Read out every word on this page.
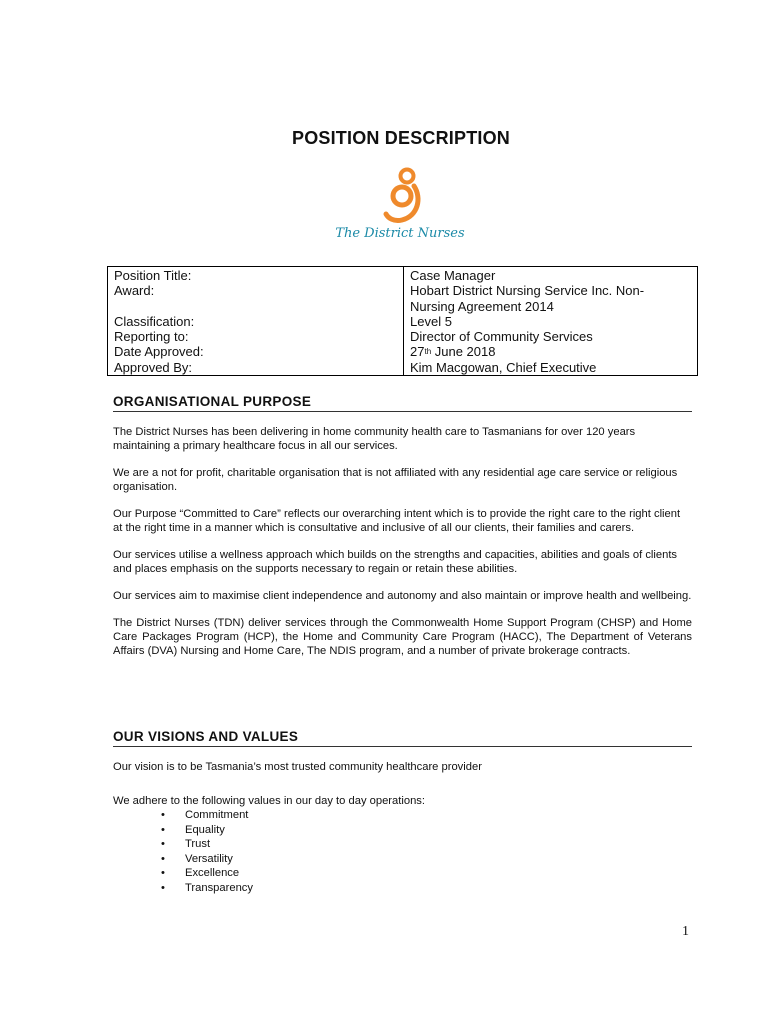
POSITION DESCRIPTION
The District Nurses
Position Title:	Case Manager
Award:	Hobart District Nursing Service Inc. Non-
Nursing Agreement 2014
Classification:	Level 5
Reporting to:	Director of Community Services
Date Approved:	27th June 2018
Approved By:	Kim Macgowan, Chief Executive
ORGANISATIONAL PURPOSE

The District Nurses has been delivering in home community health care to Tasmanians for over 120 years maintaining a primary healthcare focus in all our services.

We are a not for profit, charitable organisation that is not affiliated with any residential age care service or religious organisation.

Our Purpose “Committed to Care” reflects our overarching intent which is to provide the right care to the right client at the right time in a manner which is consultative and inclusive of all our clients, their families and carers.

Our services utilise a wellness approach which builds on the strengths and capacities, abilities and goals of clients and places emphasis on the supports necessary to regain or retain these abilities.

Our services aim to maximise client independence and autonomy and also maintain or improve health and wellbeing.

The District Nurses (TDN) deliver services through the Commonwealth Home Support Program (CHSP) and Home Care Packages Program (HCP), the Home and Community Care Program (HACC), The Department of Veterans Affairs (DVA) Nursing and Home Care, The NDIS program, and a number of private brokerage contracts.

OUR VISIONS AND VALUES

Our vision is to be Tasmania’s most trusted community healthcare provider

We adhere to the following values in our day to day operations:

• Commitment
• Equality
• Trust
• Versatility
• Excellence
• Transparency
1
